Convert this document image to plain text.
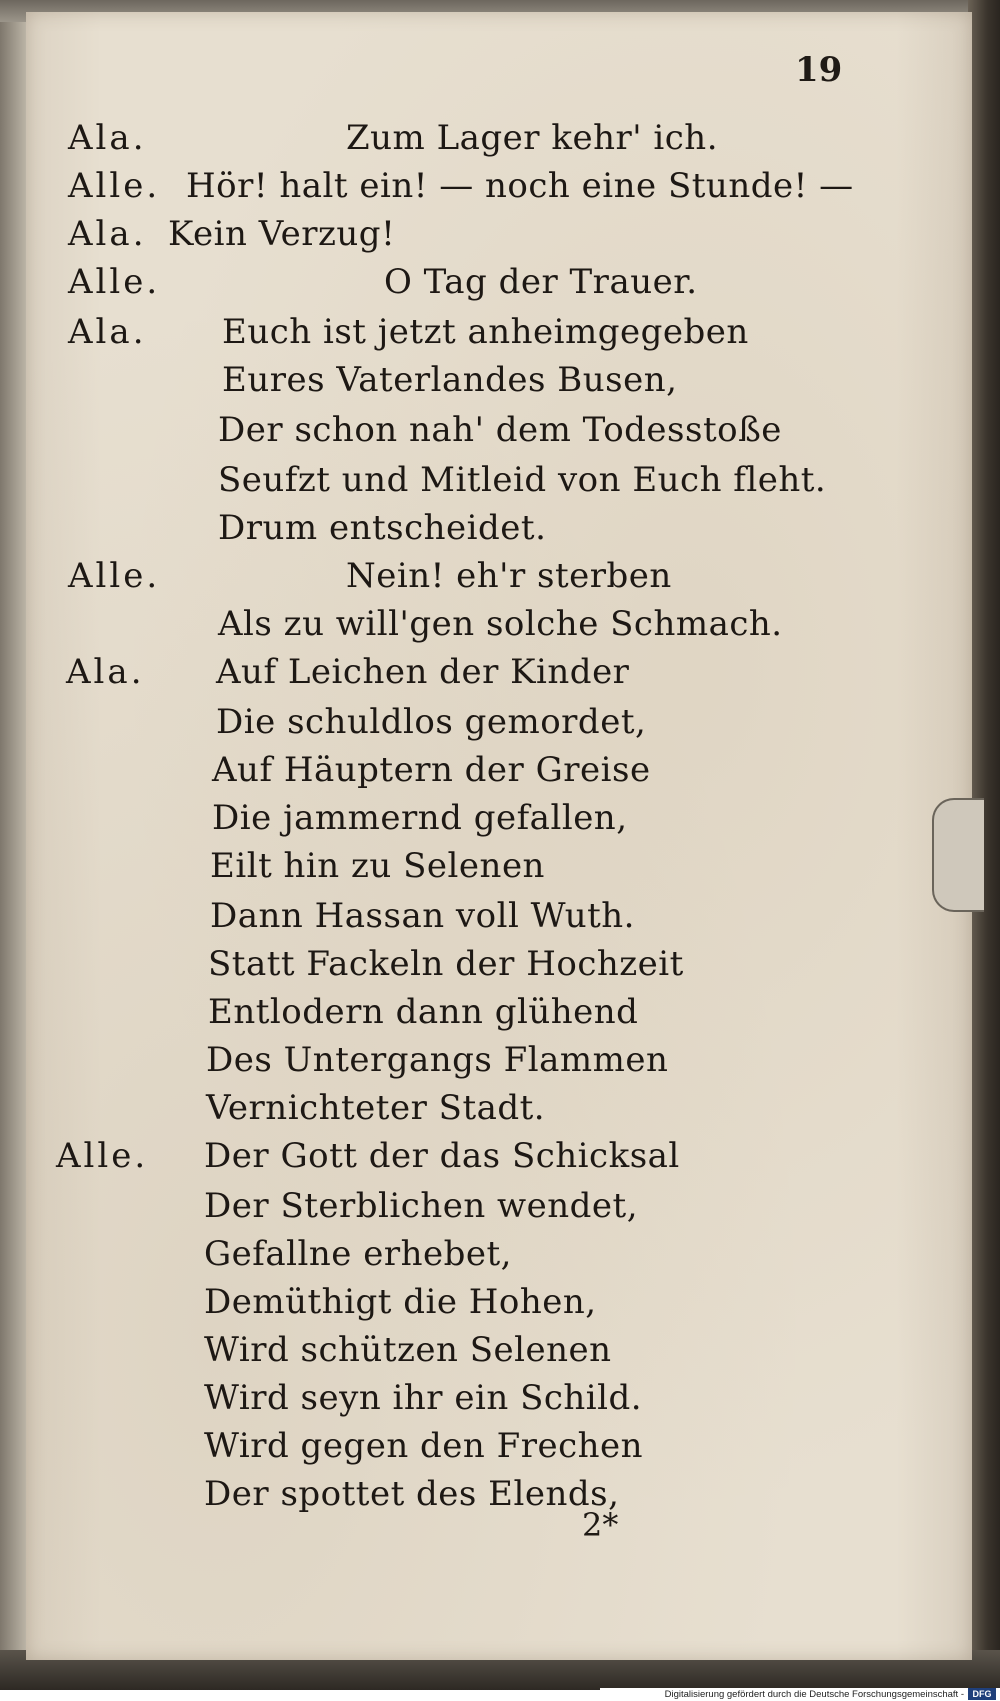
19
Ala.	Zum Lager kehr' ich.
Alle. Hör! halt ein! — noch eine Stunde! —
Ala. Kein Verzug!
Alle.	O Tag der Trauer.
Ala. Euch ist jetzt anheimgegeben
Eures Vaterlandes Busen,
Der schon nah' dem Todesstoße
Seufzt und Mitleid von Euch fleht.
Drum entscheidet.
Alle.	Nein! eh'r sterben
Als zu will'gen solche Schmach.
Ala. Auf Leichen der Kinder
Die schuldlos gemordet,
Auf Häuptern der Greise
Die jammernd gefallen,
Eilt hin zu Selenen
Dann Hassan voll Wuth.
Statt Fackeln der Hochzeit
Entlodern dann glühend
Des Untergangs Flammen
Vernichteter Stadt.
Alle. Der Gott der das Schicksal
Der Sterblichen wendet,
Gefallne erhebet,
Demüthigt die Hohen,
Wird schützen Selenen
Wird seyn ihr ein Schild.
Wird gegen den Frechen
Der spottet des Elends,
2*
Digitalisierung gefördert durch die Deutsche Forschungsgemeinschaft - DFG
